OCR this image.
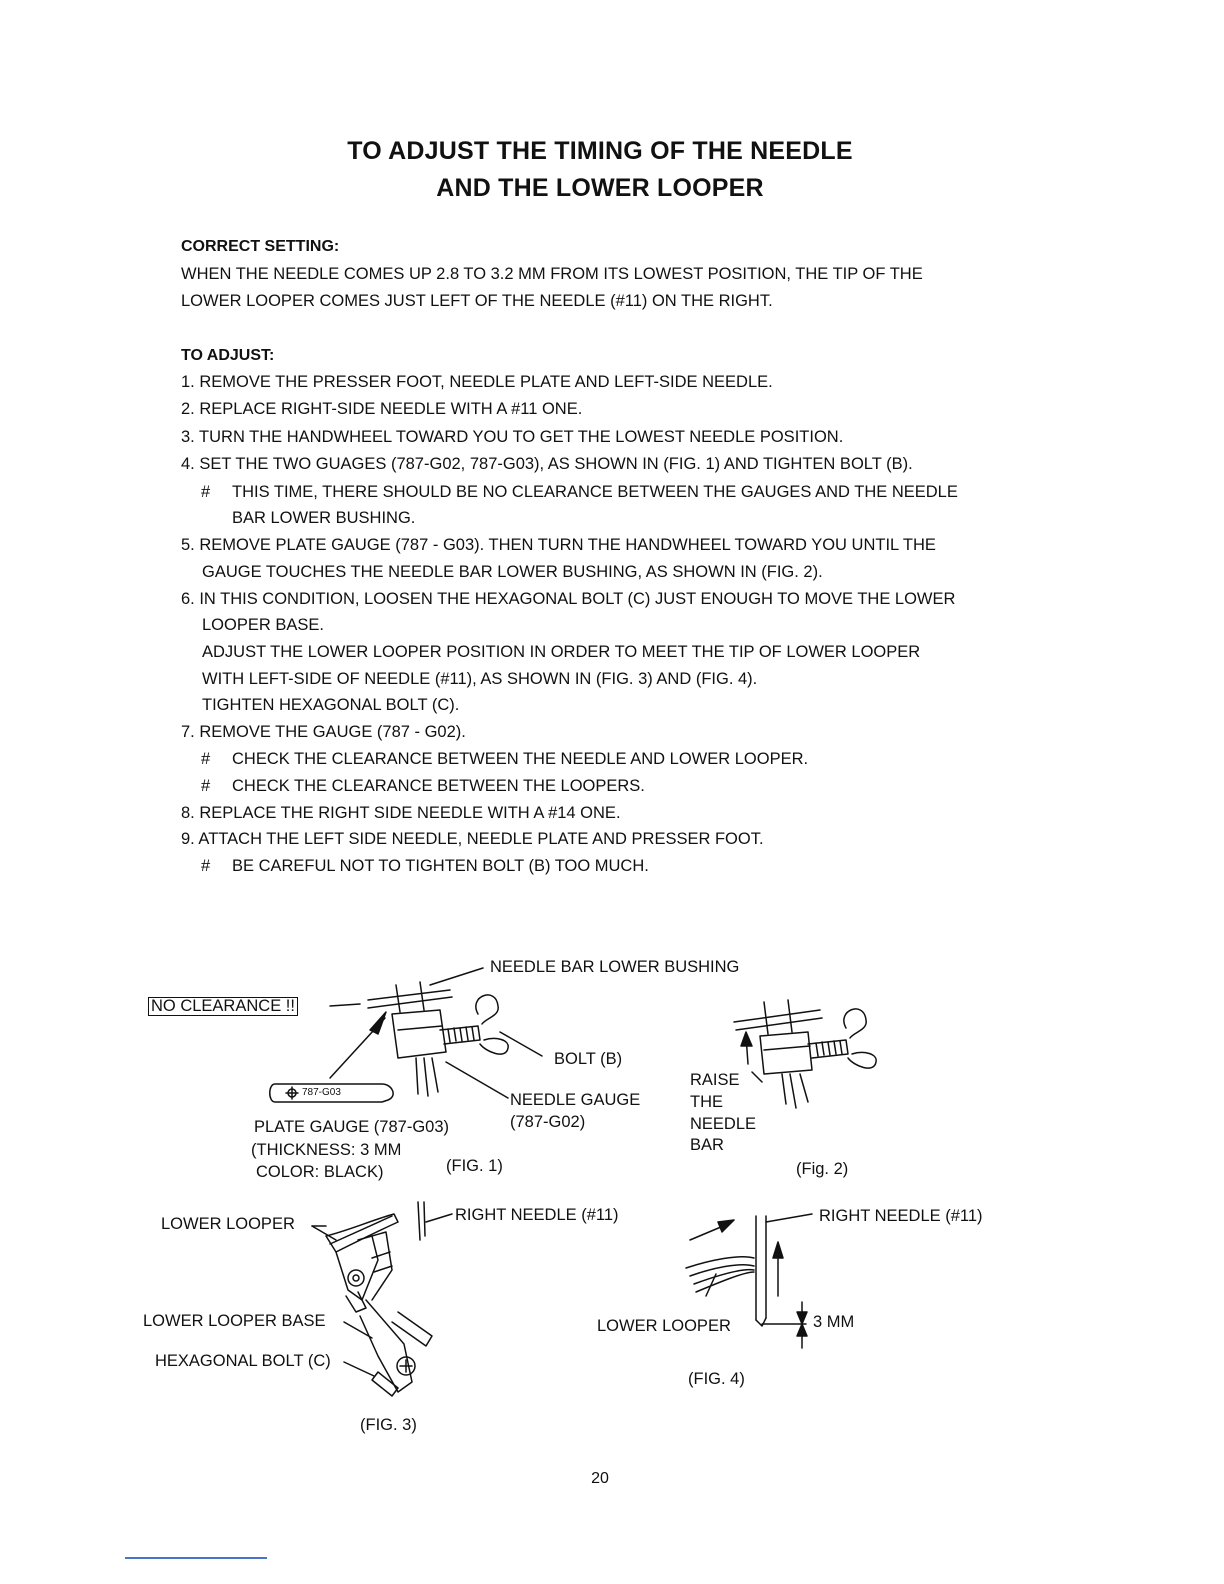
TO ADJUST THE TIMING OF THE NEEDLE
AND THE LOWER LOOPER
CORRECT SETTING:
WHEN THE NEEDLE COMES UP 2.8 TO 3.2 MM FROM ITS LOWEST POSITION, THE TIP OF THE
LOWER LOOPER COMES JUST LEFT OF THE NEEDLE (#11) ON THE RIGHT.
TO ADJUST:
1. REMOVE THE PRESSER FOOT, NEEDLE PLATE AND LEFT-SIDE NEEDLE.
2. REPLACE RIGHT-SIDE NEEDLE WITH A #11 ONE.
3. TURN THE HANDWHEEL TOWARD YOU TO GET THE LOWEST NEEDLE POSITION.
4. SET THE TWO GUAGES (787-G02, 787-G03), AS SHOWN IN (FIG. 1) AND TIGHTEN BOLT (B).
# THIS TIME, THERE SHOULD BE NO CLEARANCE BETWEEN THE GAUGES AND THE NEEDLE
BAR LOWER BUSHING.
5. REMOVE PLATE GAUGE (787 - G03). THEN TURN THE HANDWHEEL TOWARD YOU UNTIL THE
GAUGE TOUCHES THE NEEDLE BAR LOWER BUSHING, AS SHOWN IN (FIG. 2).
6. IN THIS CONDITION, LOOSEN THE HEXAGONAL BOLT (C) JUST ENOUGH TO MOVE THE LOWER
LOOPER BASE.
ADJUST THE LOWER LOOPER POSITION IN ORDER TO MEET THE TIP OF LOWER LOOPER
WITH LEFT-SIDE OF NEEDLE (#11), AS SHOWN IN (FIG. 3) AND (FIG. 4).
TIGHTEN HEXAGONAL BOLT (C).
7. REMOVE THE GAUGE (787 - G02).
# CHECK THE CLEARANCE BETWEEN THE NEEDLE AND LOWER LOOPER.
# CHECK THE CLEARANCE BETWEEN THE LOOPERS.
8. REPLACE THE RIGHT SIDE NEEDLE WITH A #14 ONE.
9. ATTACH THE LEFT SIDE NEEDLE, NEEDLE PLATE AND PRESSER FOOT.
# BE CAREFUL NOT TO TIGHTEN BOLT (B) TOO MUCH.
NEEDLE BAR LOWER BUSHING
NO CLEARANCE !!
BOLT (B)
NEEDLE GAUGE
(787-G02)
787-G03
PLATE GAUGE (787-G03)
(THICKNESS: 3 MM
COLOR: BLACK)	(FIG. 1)
RAISE
THE
NEEDLE
BAR
(Fig. 2)
LOWER LOOPER	RIGHT NEEDLE (#11)
LOWER LOOPER BASE
HEXAGONAL BOLT (C)
(FIG. 3)
RIGHT NEEDLE (#11)
LOWER LOOPER	3 MM
(FIG. 4)
20
